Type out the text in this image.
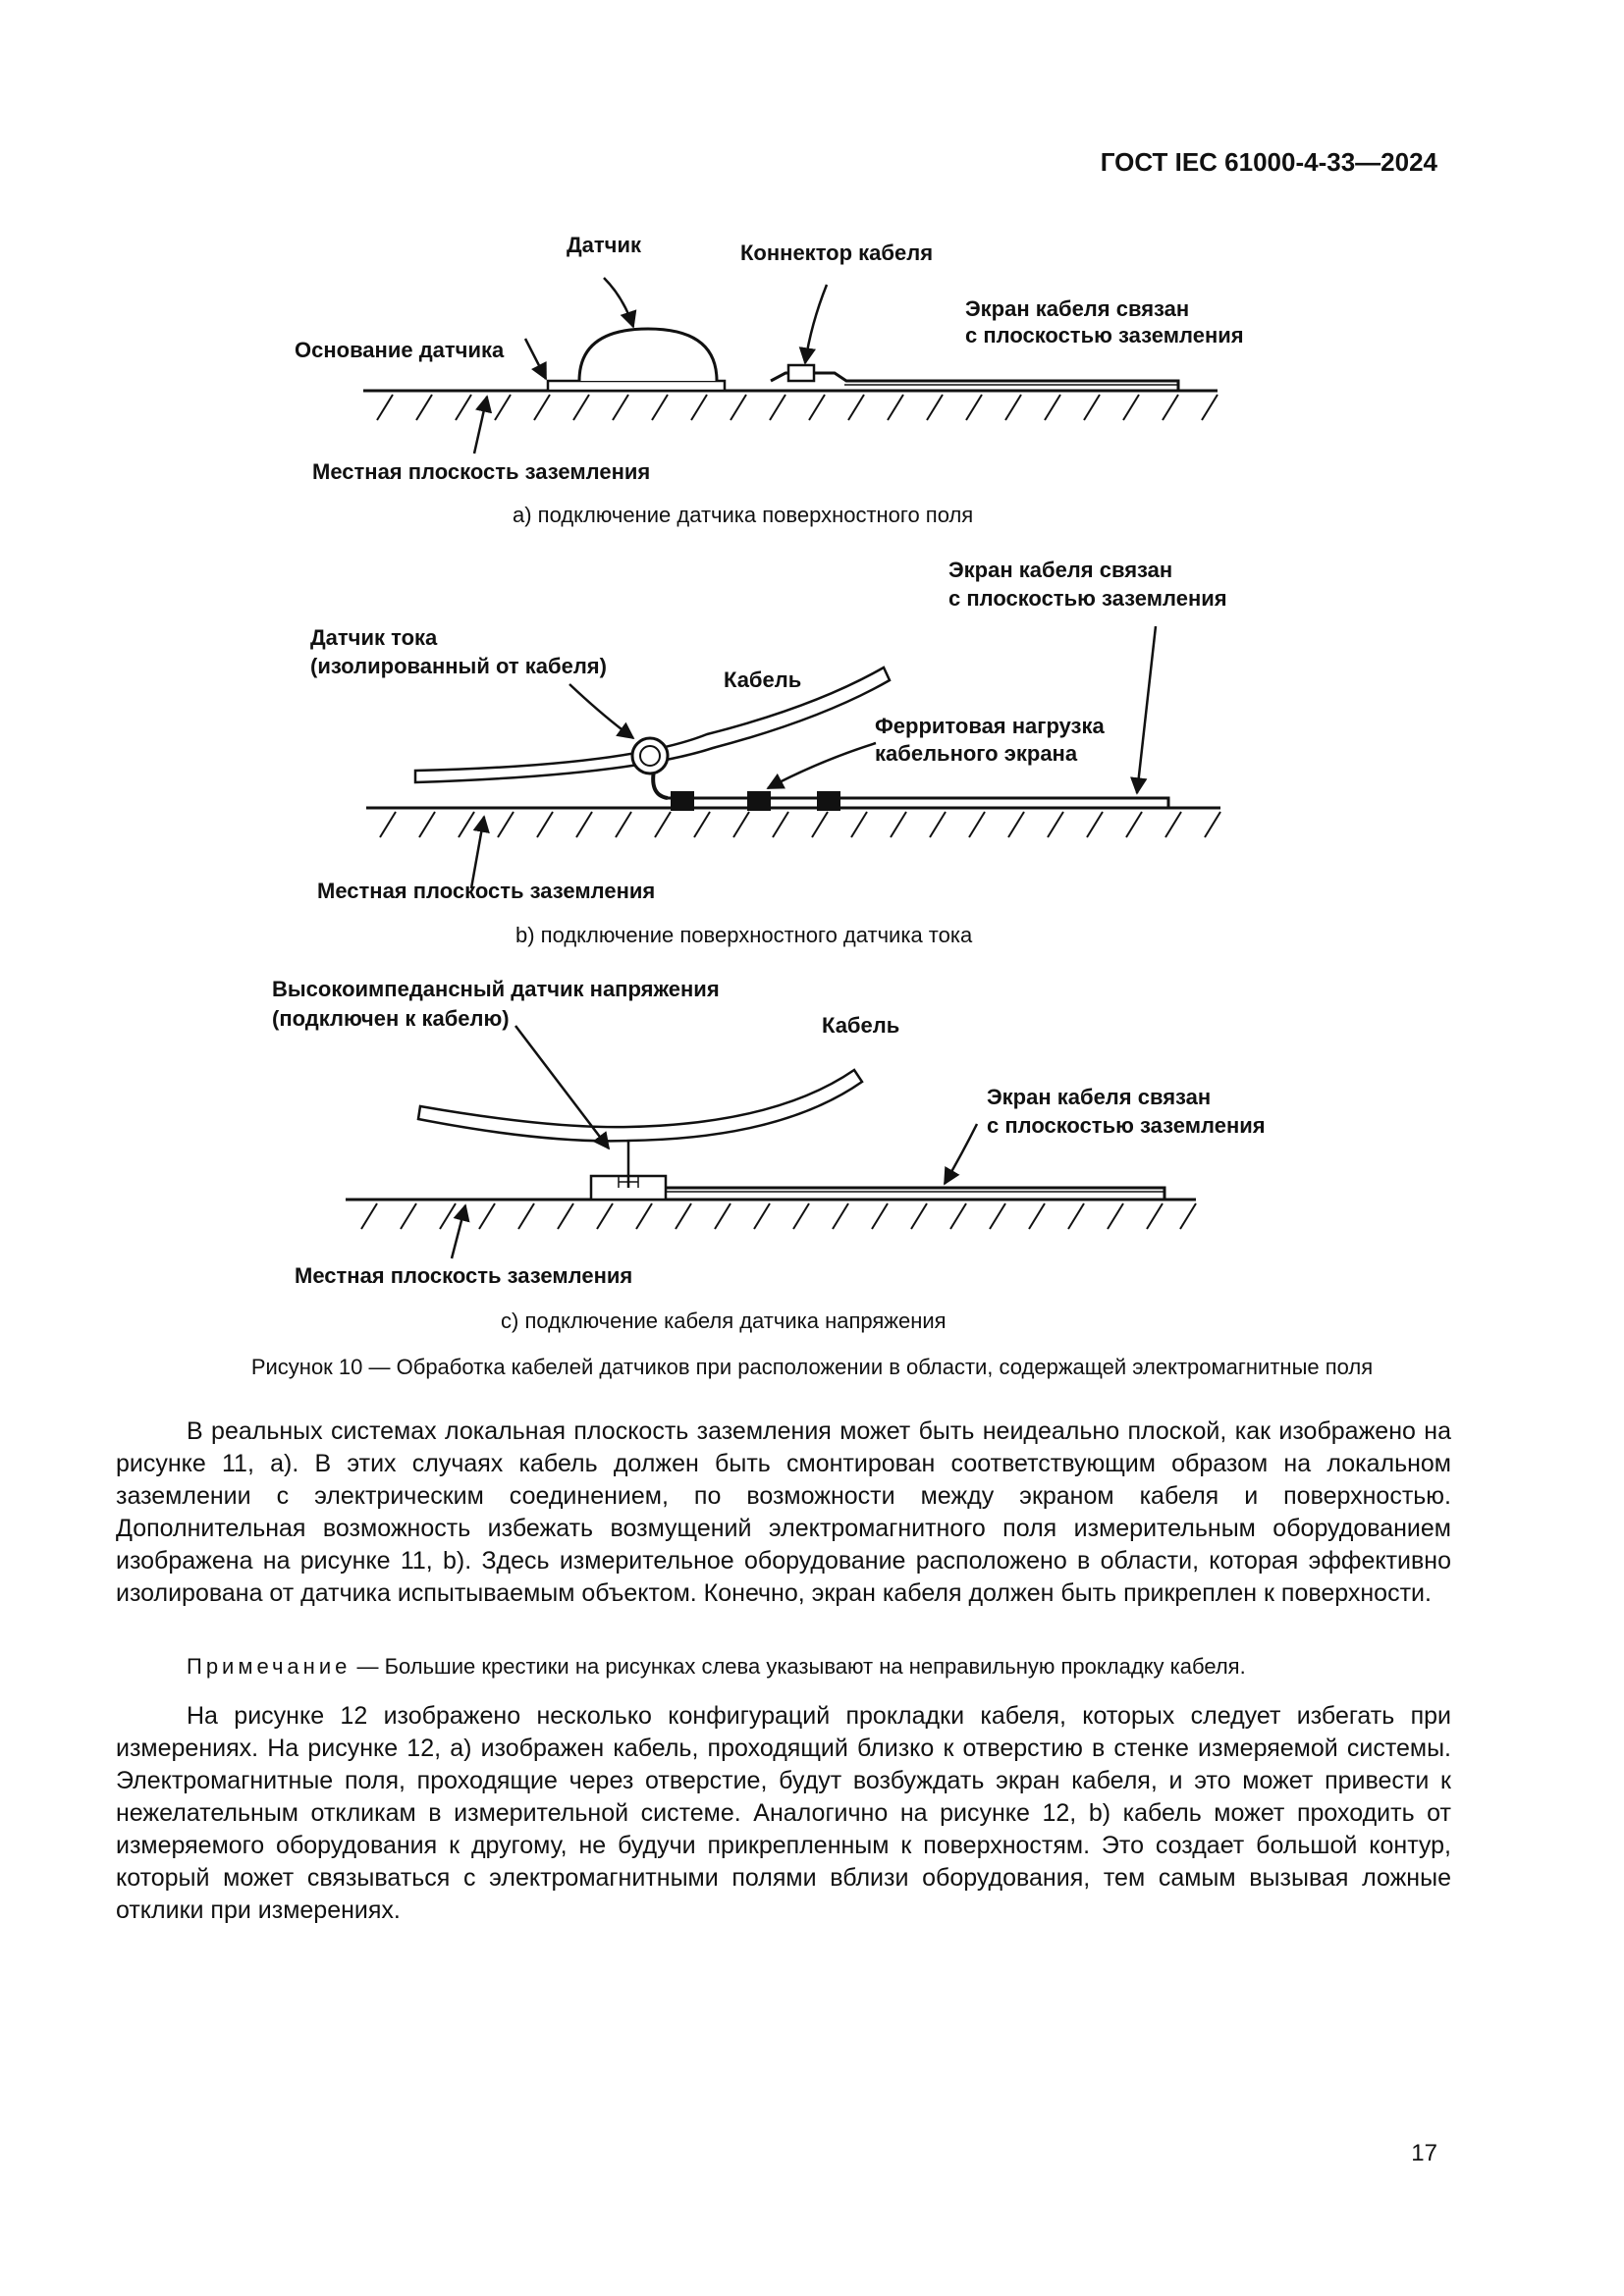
ГОСТ IEC 61000-4-33—2024
Датчик	Коннектор кабеля
Экран кабеля связан
с плоскостью заземления
Основание датчика
Местная плоскость заземления
а) подключение датчика поверхностного поля
Экран кабеля связан
с плоскостью заземления
Датчик тока
(изолированный от кабеля)
Кабель
Ферритовая нагрузка
кабельного экрана
Местная плоскость заземления
b) подключение поверхностного датчика тока
Высокоимпедансный датчик напряжения
(подключен к кабелю)	Кабель
Экран кабеля связан
с плоскостью заземления
Местная плоскость заземления
с) подключение кабеля датчика напряжения
Рисунок 10 — Обработка кабелей датчиков при расположении в области, содержащей электромагнитные поля

В реальных системах локальная плоскость заземления может быть неидеально плоской, как изображено на рисунке 11, а). В этих случаях кабель должен быть смонтирован соответствующим образом на локальном заземлении с электрическим соединением, по возможности между экраном кабеля и поверхностью. Дополнительная возможность избежать возмущений электромагнитного поля измерительным оборудованием изображена на рисунке 11, b). Здесь измерительное оборудование расположено в области, которая эффективно изолирована от датчика испытываемым объектом. Конечно, экран кабеля должен быть прикреплен к поверхности.

Примечание — Большие крестики на рисунках слева указывают на неправильную прокладку кабеля.

На рисунке 12 изображено несколько конфигураций прокладки кабеля, которых следует избегать при измерениях. На рисунке 12, а) изображен кабель, проходящий близко к отверстию в стенке измеряемой системы. Электромагнитные поля, проходящие через отверстие, будут возбуждать экран кабеля, и это может привести к нежелательным откликам в измерительной системе. Аналогично на рисунке 12, b) кабель может проходить от измеряемого оборудования к другому, не будучи прикрепленным к поверхностям. Это создает большой контур, который может связываться с электромагнитными полями вблизи оборудования, тем самым вызывая ложные отклики при измерениях.

17
